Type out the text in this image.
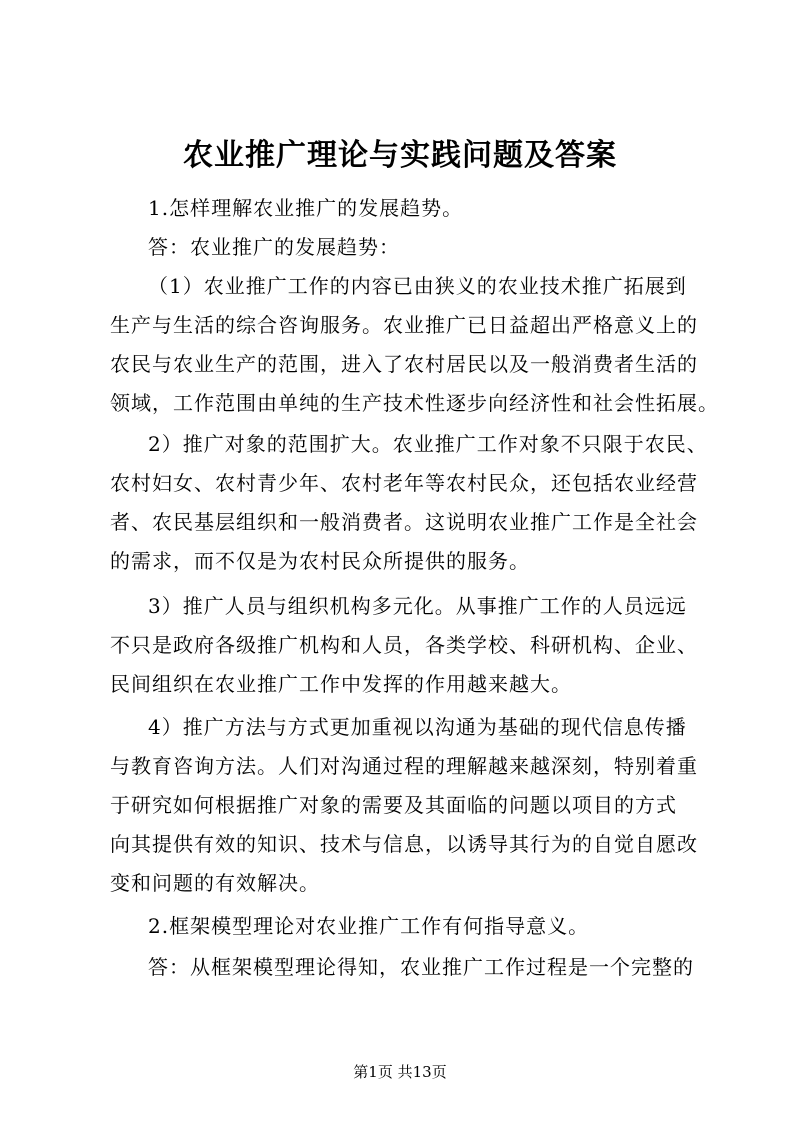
农业推广理论与实践问题及答案
1.怎样理解农业推广的发展趋势。
答：农业推广的发展趋势：
（1）农业推广工作的内容已由狭义的农业技术推广拓展到
生产与生活的综合咨询服务。农业推广已日益超出严格意义上的
农民与农业生产的范围，进入了农村居民以及一般消费者生活的
领域，工作范围由单纯的生产技术性逐步向经济性和社会性拓展。
2）推广对象的范围扩大。农业推广工作对象不只限于农民、
农村妇女、农村青少年、农村老年等农村民众，还包括农业经营
者、农民基层组织和一般消费者。这说明农业推广工作是全社会
的需求，而不仅是为农村民众所提供的服务。
3）推广人员与组织机构多元化。从事推广工作的人员远远
不只是政府各级推广机构和人员，各类学校、科研机构、企业、
民间组织在农业推广工作中发挥的作用越来越大。
4）推广方法与方式更加重视以沟通为基础的现代信息传播
与教育咨询方法。人们对沟通过程的理解越来越深刻，特别着重
于研究如何根据推广对象的需要及其面临的问题以项目的方式
向其提供有效的知识、技术与信息，以诱导其行为的自觉自愿改
变和问题的有效解决。
2.框架模型理论对农业推广工作有何指导意义。
答：从框架模型理论得知，农业推广工作过程是一个完整的
第1页 共13页
